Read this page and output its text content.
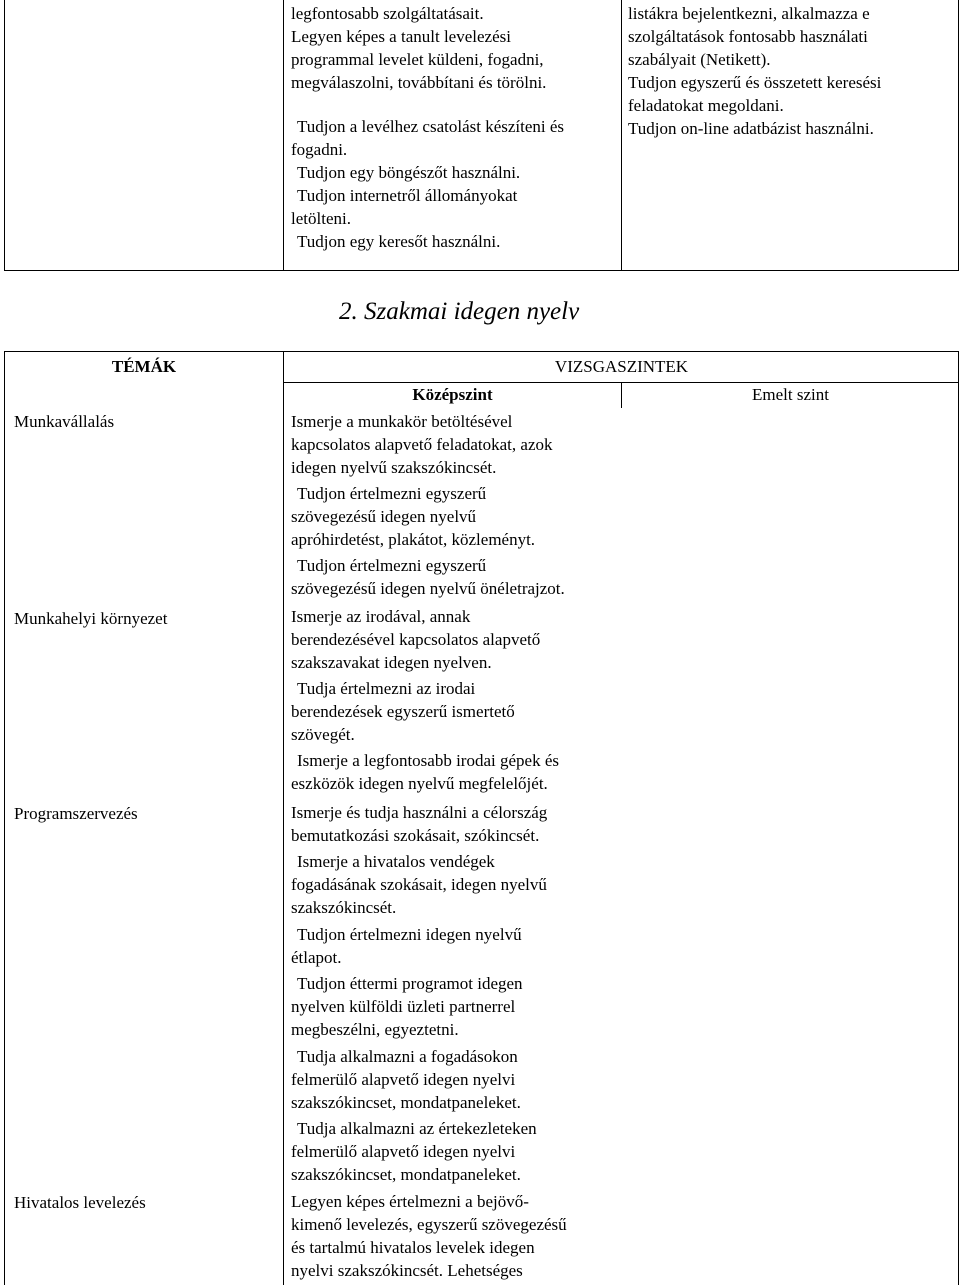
legfontosabb szolgáltatásait.
Legyen képes a tanult levelezési
programmal levelet küldeni, fogadni,
megválaszolni, továbbítani és törölni.
Tudjon a levélhez csatolást készíteni és
fogadni.
Tudjon egy böngészőt használni.
Tudjon internetről állományokat
letölteni.
Tudjon egy keresőt használni.
listákra bejelentkezni, alkalmazza e
szolgáltatások fontosabb használati
szabályait (Netikett).
Tudjon egyszerű és összetett keresési
feladatokat megoldani.
Tudjon on-line adatbázist használni.
2. Szakmai idegen nyelv
TÉMÁK	VIZSGASZINTEK
Középszint	Emelt szint
Munkavállalás
Munkahelyi környezet
Programszervezés
Hivatalos levelezés
Ismerje a munkakör betöltésével
kapcsolatos alapvető feladatokat, azok
idegen nyelvű szakszókincsét.
Tudjon értelmezni egyszerű
szövegezésű idegen nyelvű
apróhirdetést, plakátot, közleményt.
Tudjon értelmezni egyszerű
szövegezésű idegen nyelvű önéletrajzot.
Ismerje az irodával, annak
berendezésével kapcsolatos alapvető
szakszavakat idegen nyelven.
Tudja értelmezni az irodai
berendezések egyszerű ismertető
szövegét.
Ismerje a legfontosabb irodai gépek és
eszközök idegen nyelvű megfelelőjét.
Ismerje és tudja használni a célország
bemutatkozási szokásait, szókincsét.
Ismerje a hivatalos vendégek
fogadásának szokásait, idegen nyelvű
szakszókincsét.
Tudjon értelmezni idegen nyelvű
étlapot.
Tudjon éttermi programot idegen
nyelven külföldi üzleti partnerrel
megbeszélni, egyeztetni.
Tudja alkalmazni a fogadásokon
felmerülő alapvető idegen nyelvi
szakszókincset, mondatpaneleket.
Tudja alkalmazni az értekezleteken
felmerülő alapvető idegen nyelvi
szakszókincset, mondatpaneleket.
Legyen képes értelmezni a bejövő-
kimenő levelezés, egyszerű szövegezésű
és tartalmú hivatalos levelek idegen
nyelvi szakszókincsét. Lehetséges
